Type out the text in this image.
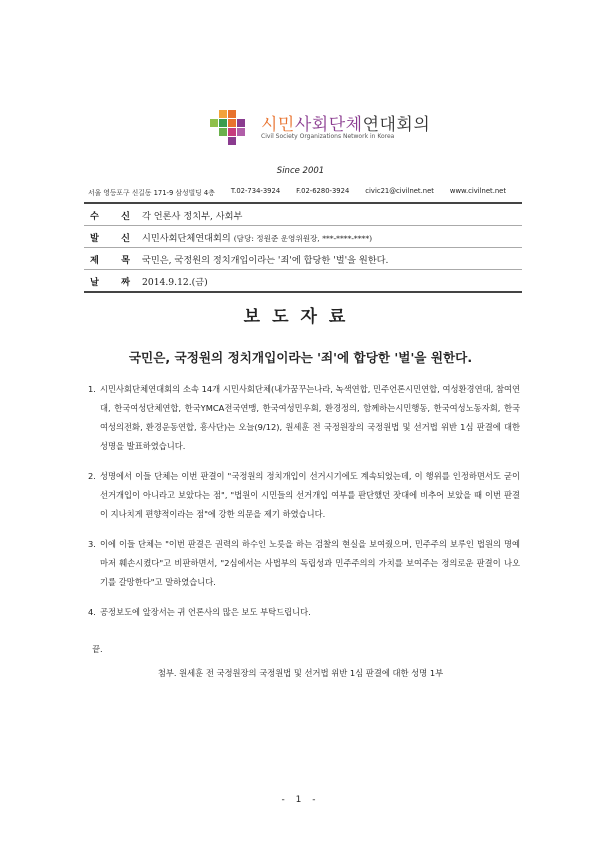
시민사회단체연대회의
Civil Society Organizations Network in Korea
Since 2001
서울 영등포구 신길동 171-9 삼성빌딩 4층 T.02-734-3924 F.02-6280-3924 civic21@civilnet.net www.civilnet.net
수 신	각 언론사 정치부, 사회부
발 신	시민사회단체연대회의 (담당: 정원준 운영위원장, ***-****-****)
제 목	국민은, 국정원의 정치개입이라는 '죄'에 합당한 '벌'을 원한다.
날 짜	2014.9.12.(금)
보도자료
국민은, 국정원의 정치개입이라는 '죄'에 합당한 '벌'을 원한다.
1. 시민사회단체연대회의 소속 14개 시민사회단체(내가꿈꾸는나라, 녹색연합, 민주언론시민연합, 여성환경연대, 참여연대, 한국여성단체연합, 한국YMCA전국연맹, 한국여성민우회, 환경정의, 함께하는시민행동, 한국여성노동자회, 한국여성의전화, 환경운동연합, 흥사단)는 오늘(9/12), 원세훈 전 국정원장의 국정원법 및 선거법 위반 1심 판결에 대한 성명을 발표하였습니다.
2. 성명에서 이들 단체는 이번 판결이 "국정원의 정치개입이 선거시기에도 계속되었는데, 이 행위를 인정하면서도 굳이 선거개입이 아니라고 보았다는 점", "법원이 시민들의 선거개입 여부를 판단했던 잣대에 비추어 보았을 때 이번 판결이 지나치게 편향적이라는 점"에 강한 의문을 제기 하였습니다.
3. 이에 이들 단체는 "이번 판결은 권력의 하수인 노릇을 하는 검찰의 현실을 보여줬으며, 민주주의 보루인 법원의 명예마저 훼손시켰다"고 비판하면서, "2심에서는 사법부의 독립성과 민주주의의 가치를 보여주는 정의로운 판결이 나오기를 갈망한다"고 말하였습니다.
4. 공정보도에 앞장서는 귀 언론사의 많은 보도 부탁드립니다.
끝.
첨부. 원세훈 전 국정원장의 국정원법 및 선거법 위반 1심 판결에 대한 성명 1부
- 1 -
